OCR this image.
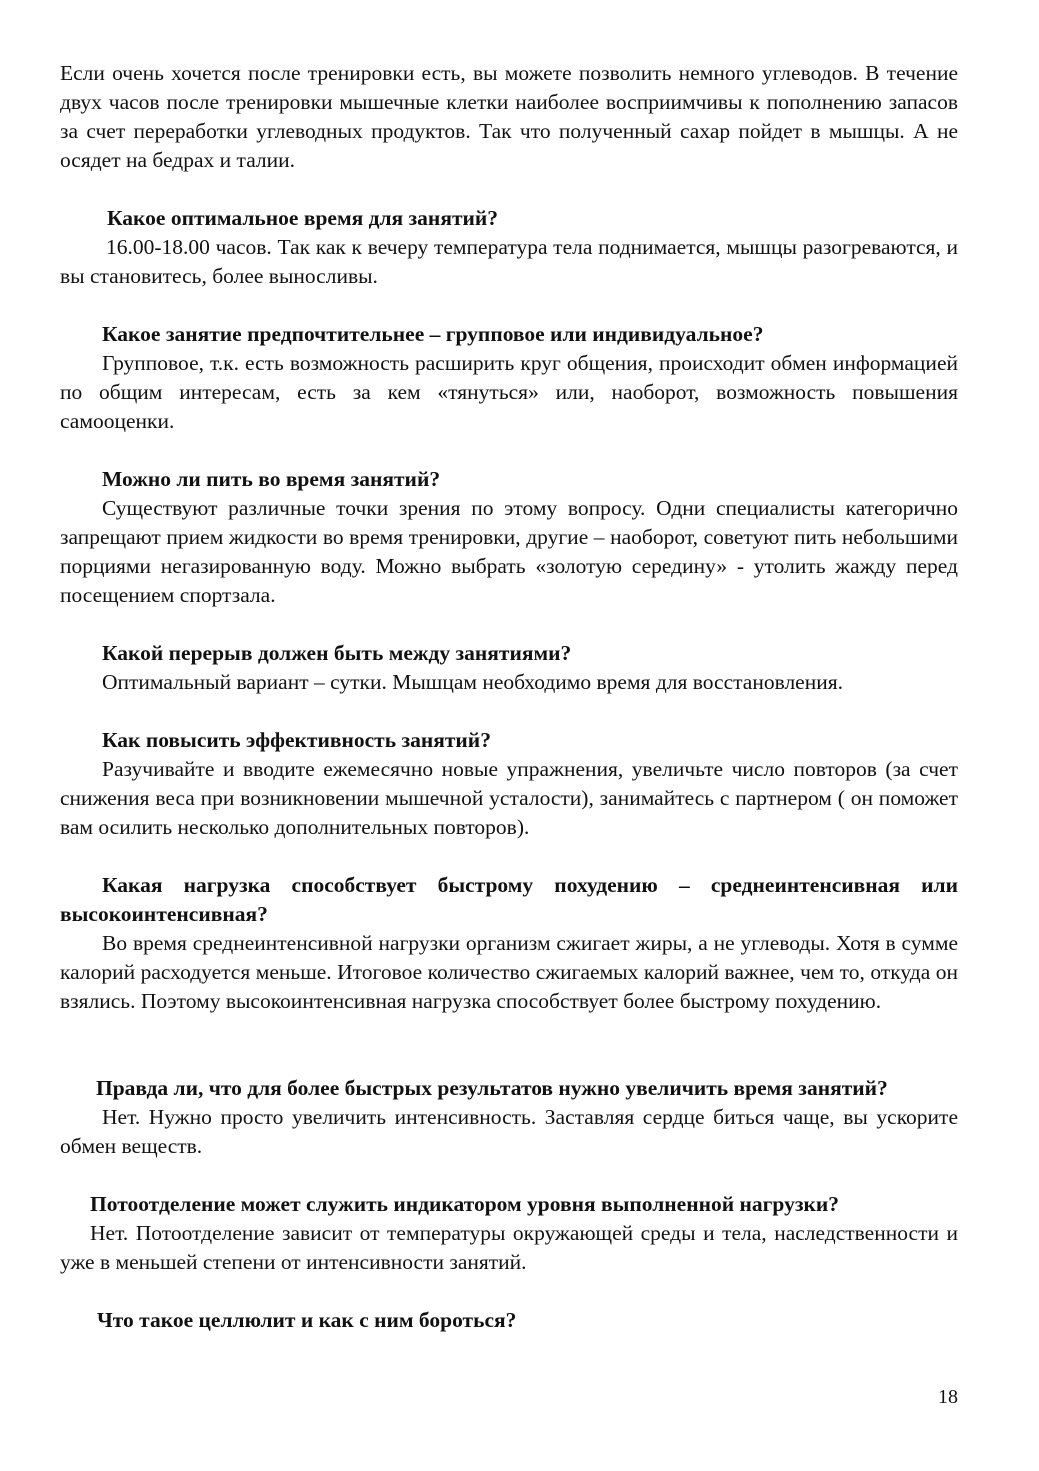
Если очень хочется после тренировки есть, вы можете позволить немного углеводов. В течение двух часов после тренировки мышечные клетки наиболее восприимчивы к пополнению запасов за счет переработки углеводных продуктов. Так что полученный сахар пойдет в мышцы. А не осядет на бедрах и талии.

Какое оптимальное время для занятий?

16.00-18.00 часов. Так как к вечеру температура тела поднимается, мышцы разогреваются, и вы становитесь, более выносливы.

Какое занятие предпочтительнее – групповое или индивидуальное?

Групповое, т.к. есть возможность расширить круг общения, происходит обмен информацией по общим интересам, есть за кем «тянуться» или, наоборот, возможность повышения самооценки.

Можно ли пить во время занятий?

Существуют различные точки зрения по этому вопросу. Одни специалисты категорично запрещают прием жидкости во время тренировки, другие – наоборот, советуют пить небольшими порциями негазированную воду. Можно выбрать «золотую середину» - утолить жажду перед посещением спортзала.

Какой перерыв должен быть между занятиями?

Оптимальный вариант – сутки. Мышцам необходимо время для восстановления.

Как повысить эффективность занятий?

Разучивайте и вводите ежемесячно новые упражнения, увеличьте число повторов (за счет снижения веса при возникновении мышечной усталости), занимайтесь с партнером ( он поможет вам осилить несколько дополнительных повторов).

Какая нагрузка способствует быстрому похудению – среднеинтенсивная или высокоинтенсивная?

Во время среднеинтенсивной нагрузки организм сжигает жиры, а не углеводы. Хотя в сумме калорий расходуется меньше. Итоговое количество сжигаемых калорий важнее, чем то, откуда он взялись. Поэтому высокоинтенсивная нагрузка способствует более быстрому похудению.

Правда ли, что для более быстрых результатов нужно увеличить время занятий?

Нет. Нужно просто увеличить интенсивность. Заставляя сердце биться чаще, вы ускорите обмен веществ.

Потоотделение может служить индикатором уровня выполненной нагрузки?

Нет. Потоотделение зависит от температуры окружающей среды и тела, наследственности и уже в меньшей степени от интенсивности занятий.

Что такое целлюлит и как с ним бороться?

18
